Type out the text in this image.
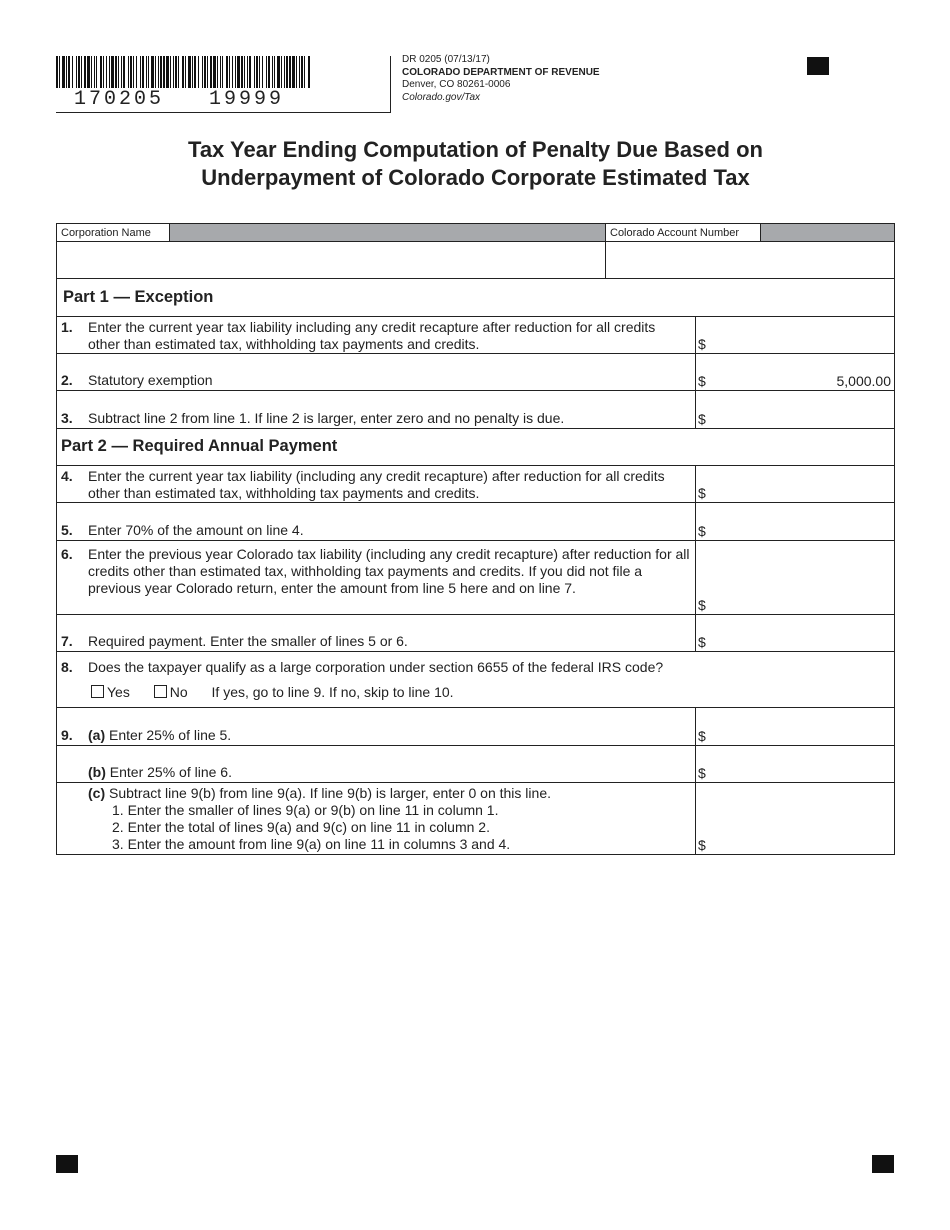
170205   19999
DR 0205 (07/13/17)
COLORADO DEPARTMENT OF REVENUE
Denver, CO 80261-0006
Colorado.gov/Tax
Tax Year Ending Computation of Penalty Due Based on
Underpayment of Colorado Corporate Estimated Tax
Corporation Name	Colorado Account Number
Part 1 — Exception
1. Enter the current year tax liability including any credit recapture after reduction for all credits other than estimated tax, withholding tax payments and credits.	$
2. Statutory exemption	$	5,000.00
3. Subtract line 2 from line 1. If line 2 is larger, enter zero and no penalty is due.	$
Part 2 — Required Annual Payment
4. Enter the current year tax liability (including any credit recapture) after reduction for all credits other than estimated tax, withholding tax payments and credits.	$
5. Enter 70% of the amount on line 4.	$
6. Enter the previous year Colorado tax liability (including any credit recapture) after reduction for all credits other than estimated tax, withholding tax payments and credits. If you did not file a previous year Colorado return, enter the amount from line 5 here and on line 7.
$
7. Required payment. Enter the smaller of lines 5 or 6.	$
8. Does the taxpayer qualify as a large corporation under section 6655 of the federal IRS code?
Yes	No If yes, go to line 9. If no, skip to line 10.
9. (a) Enter 25% of line 5.	$
(b) Enter 25% of line 6.	$
(c) Subtract line 9(b) from line 9(a). If line 9(b) is larger, enter 0 on this line.
1. Enter the smaller of lines 9(a) or 9(b) on line 11 in column 1.
2. Enter the total of lines 9(a) and 9(c) on line 11 in column 2.
3. Enter the amount from line 9(a) on line 11 in columns 3 and 4.	$
